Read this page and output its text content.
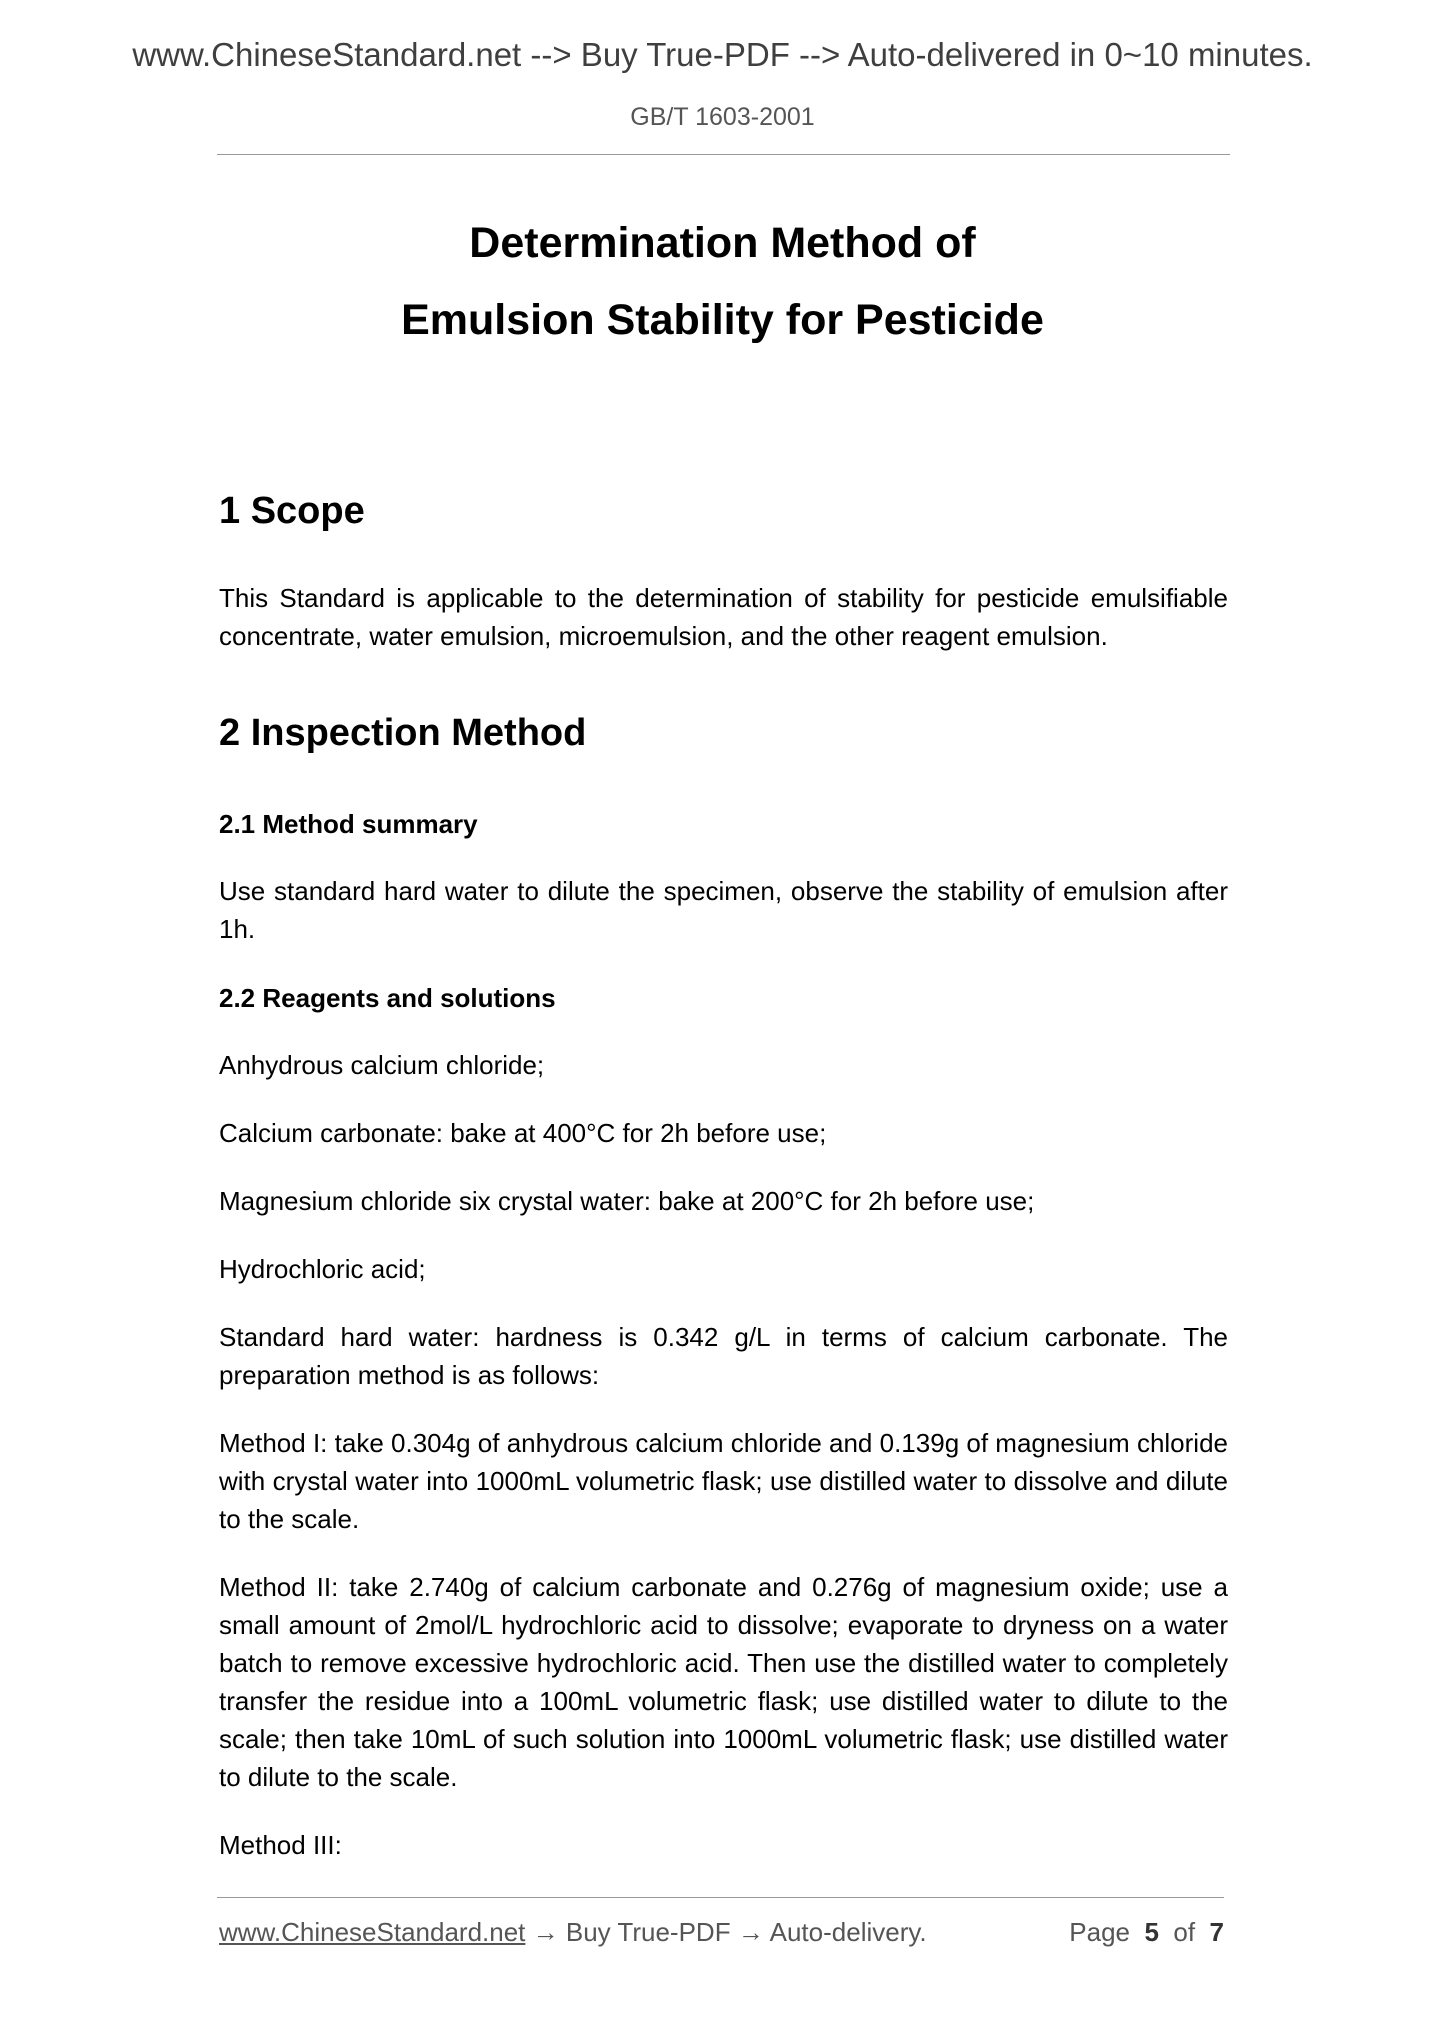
www.ChineseStandard.net --> Buy True-PDF --> Auto-delivered in 0~10 minutes.
GB/T 1603-2001
Determination Method of
Emulsion Stability for Pesticide
1 Scope

This Standard is applicable to the determination of stability for pesticide emulsifiable concentrate, water emulsion, microemulsion, and the other reagent emulsion.

2 Inspection Method
2.1 Method summary

Use standard hard water to dilute the specimen, observe the stability of emulsion after 1h.

2.2 Reagents and solutions

Anhydrous calcium chloride;

Calcium carbonate: bake at 400°C for 2h before use;

Magnesium chloride six crystal water: bake at 200°C for 2h before use;

Hydrochloric acid;

Standard hard water: hardness is 0.342 g/L in terms of calcium carbonate. The preparation method is as follows:

Method I: take 0.304g of anhydrous calcium chloride and 0.139g of magnesium chloride with crystal water into 1000mL volumetric flask; use distilled water to dissolve and dilute to the scale.

Method II: take 2.740g of calcium carbonate and 0.276g of magnesium oxide; use a small amount of 2mol/L hydrochloric acid to dissolve; evaporate to dryness on a water batch to remove excessive hydrochloric acid. Then use the distilled water to completely transfer the residue into a 100mL volumetric flask; use distilled water to dilute to the scale; then take 10mL of such solution into 1000mL volumetric flask; use distilled water to dilute to the scale.

Method III:

www.ChineseStandard.net → Buy True-PDF → Auto-delivery.	Page 5 of 7
